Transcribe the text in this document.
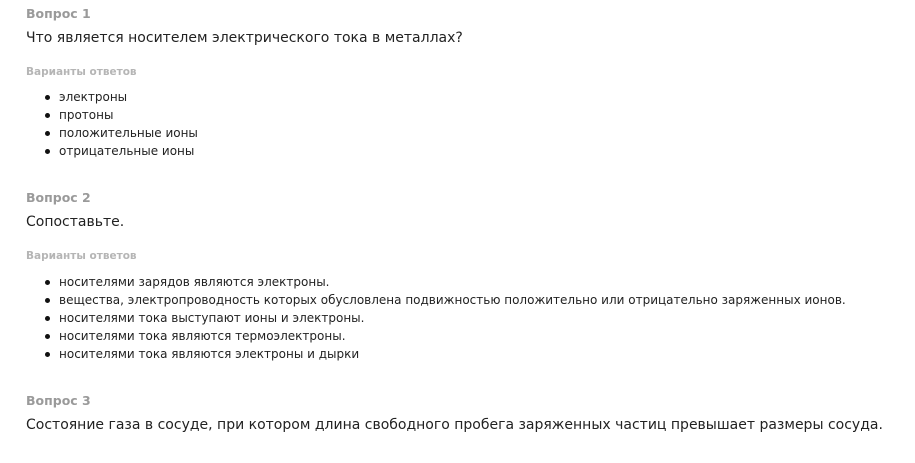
Вопрос 1
Что является носителем электрического тока в металлах?
Варианты ответов
электроны
протоны
положительные ионы
отрицательные ионы
Вопрос 2
Сопоставьте.
Варианты ответов
носителями зарядов являются электроны.
вещества, электропроводность которых обусловлена подвижностью положительно или отрицательно заряженных ионов.
носителями тока выступают ионы и электроны.
носителями тока являются термоэлектроны.
носителями тока являются электроны и дырки
Вопрос 3
Состояние газа в сосуде, при котором длина свободного пробега заряженных частиц превышает размеры сосуда.
